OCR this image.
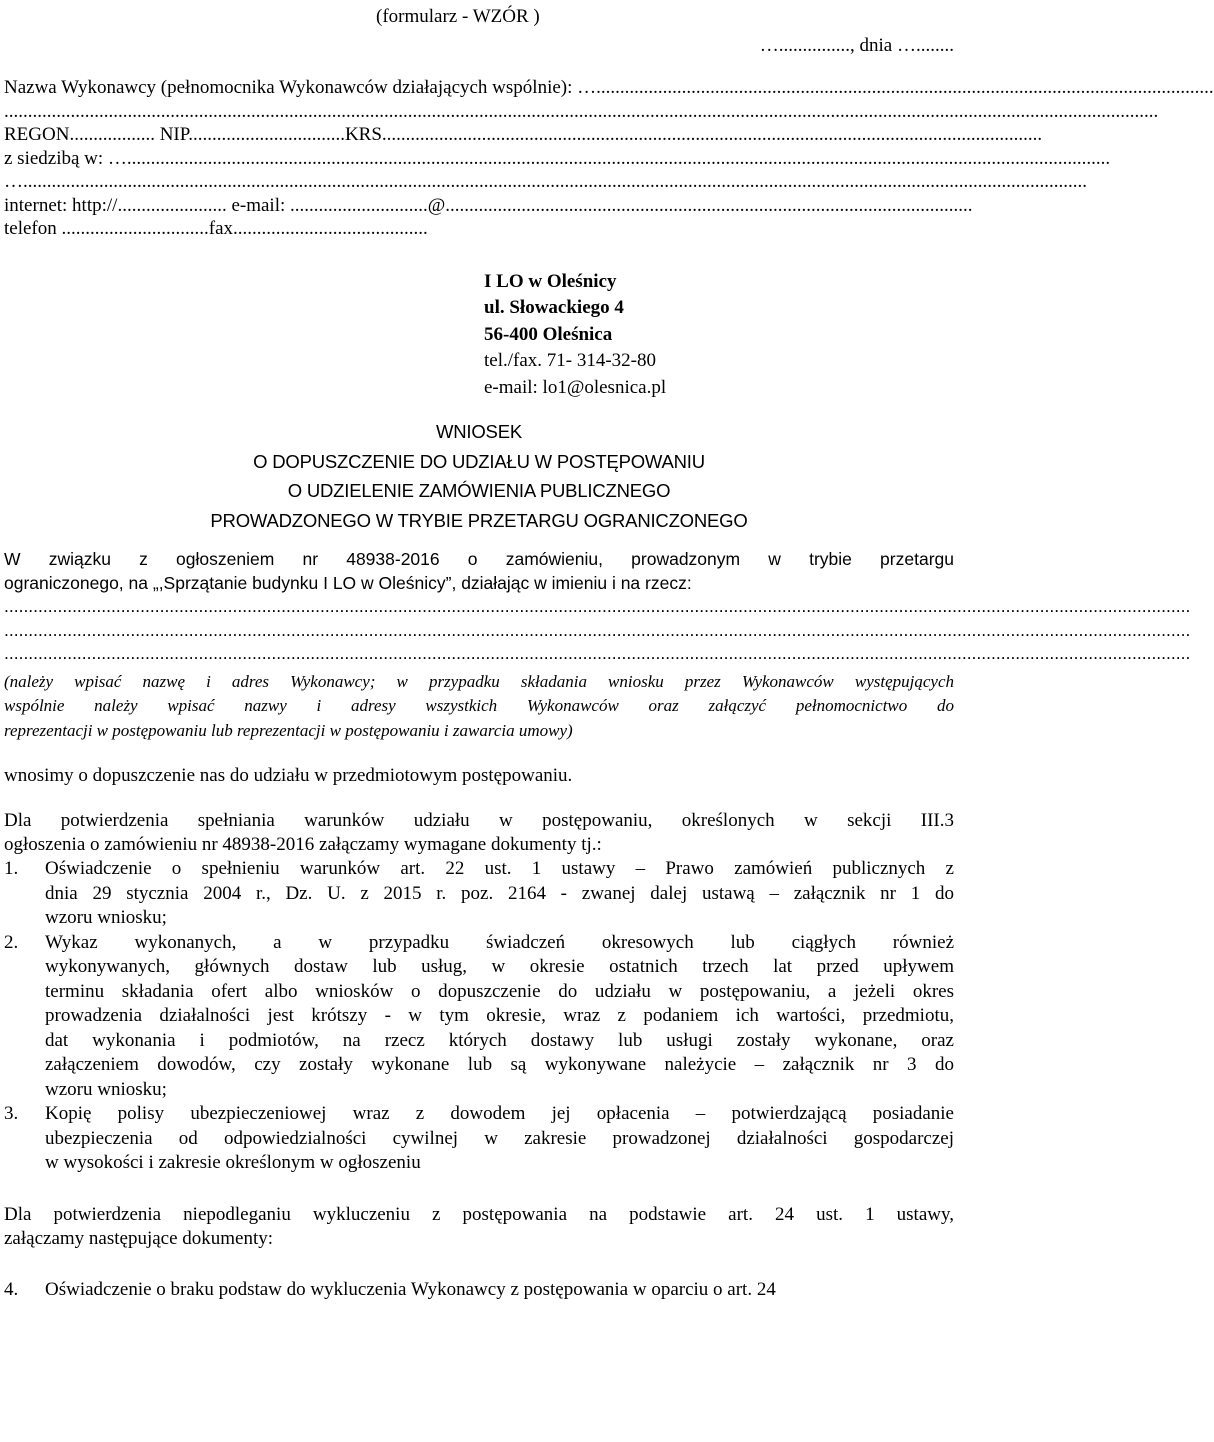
(formularz - WZÓR )
…..............., dnia …........
Nazwa Wykonawcy (pełnomocnika Wykonawców działających wspólnie): …..................................................................................................................................
...................................................................................................................................................................................................................................................
REGON.................. NIP.................................KRS...........................................................................................................................................
z siedzibą w: …...............................................................................................................................................................................................................
…................................................................................................................................................................................................................................
internet: http://....................... e-mail: .............................@...............................................................................................................
telefon ...............................fax.........................................
I LO w Oleśnicy
ul. Słowackiego 4
56-400 Oleśnica
tel./fax. 71- 314-32-80
e-mail: lo1@olesnica.pl
WNIOSEK
O DOPUSZCZENIE DO UDZIAŁU W POSTĘPOWANIU
O UDZIELENIE ZAMÓWIENIA PUBLICZNEGO
PROWADZONEGO W TRYBIE PRZETARGU OGRANICZONEGO
W związku z ogłoszeniem nr 48938-2016 o zamówieniu, prowadzonym w trybie przetargu
ograniczonego, na „,Sprzątanie budynku I LO w Oleśnicy”, działając w imieniu i na rzecz:
....................................................................................................................................................................................................................................................
....................................................................................................................................................................................................................................................
....................................................................................................................................................................................................................................................
(należy wpisać nazwę i adres Wykonawcy; w przypadku składania wniosku przez Wykonawców występujących
wspólnie należy wpisać nazwy i adresy wszystkich Wykonawców oraz załączyć pełnomocnictwo do
reprezentacji w postępowaniu lub reprezentacji w postępowaniu i zawarcia umowy)
wnosimy o dopuszczenie nas do udziału w przedmiotowym postępowaniu.
Dla potwierdzenia spełniania warunków udziału w postępowaniu, określonych w sekcji III.3
ogłoszenia o zamówieniu nr 48938-2016 załączamy wymagane dokumenty tj.:
1. Oświadczenie o spełnieniu warunków art. 22 ust. 1 ustawy – Prawo zamówień publicznych z
dnia 29 stycznia 2004 r., Dz. U. z 2015 r. poz. 2164 - zwanej dalej ustawą – załącznik nr 1 do
wzoru wniosku;
2. Wykaz wykonanych, a w przypadku świadczeń okresowych lub ciągłych również
wykonywanych, głównych dostaw lub usług, w okresie ostatnich trzech lat przed upływem
terminu składania ofert albo wniosków o dopuszczenie do udziału w postępowaniu, a jeżeli okres
prowadzenia działalności jest krótszy - w tym okresie, wraz z podaniem ich wartości, przedmiotu,
dat wykonania i podmiotów, na rzecz których dostawy lub usługi zostały wykonane, oraz
załączeniem dowodów, czy zostały wykonane lub są wykonywane należycie – załącznik nr 3 do
wzoru wniosku;
3. Kopię polisy ubezpieczeniowej wraz z dowodem jej opłacenia – potwierdzającą posiadanie
ubezpieczenia od odpowiedzialności cywilnej w zakresie prowadzonej działalności gospodarczej
w wysokości i zakresie określonym w ogłoszeniu
Dla potwierdzenia niepodleganiu wykluczeniu z postępowania na podstawie art. 24 ust. 1 ustawy,
załączamy następujące dokumenty:
4. Oświadczenie o braku podstaw do wykluczenia Wykonawcy z postępowania w oparciu o art. 24
